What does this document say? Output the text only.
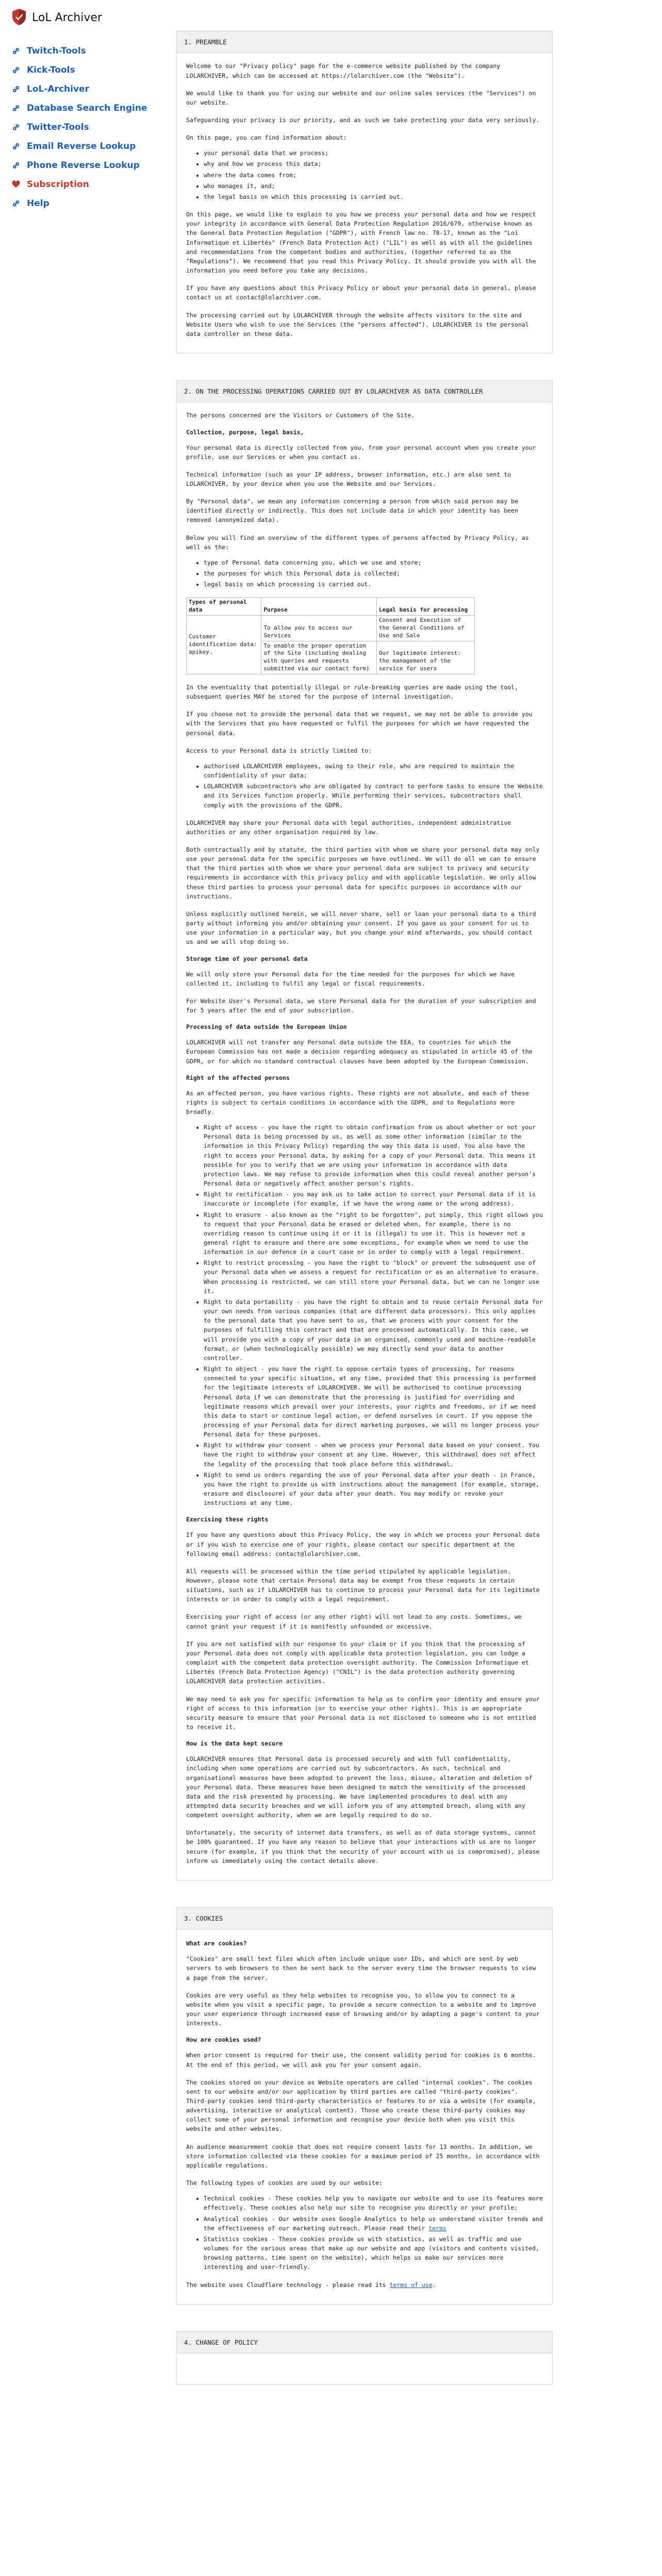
LoL Archiver
Twitch-Tools
Kick-Tools
LoL-Archiver
Database Search Engine
Twitter-Tools
Email Reverse Lookup
Phone Reverse Lookup
Subscription
Help
1. PREAMBLE

Welcome to our "Privacy policy" page for the e-commerce website published by the company LOLARCHIVER, which can be accessed at https://lolarchiver.com (the "Website").

We would like to thank you for using our website and our online sales services (the "Services") on our website.

Safeguarding your privacy is our priority, and as such we take protecting your data very seriously.

On this page, you can find information about:

• your personal data that we process;
• why and how we process this data;
• where the data comes from;
• who manages it, and;
• the legal basis on which this processing is carried out.

On this page, we would like to explain to you how we process your personal data and how we respect your integrity in accordance with General Data Protection Regulation 2016/679, otherwise known as the General Data Protection Regulation ("GDPR"), with French law no. 78-17, known as the "Loi Informatique et Libertés" (French Data Protection Act) ("LIL") as well as with all the guidelines and recommendations from the competent bodies and authorities, (together referred to as the "Regulations"). We recommend that you read this Privacy Policy. It should provide you with all the information you need before you take any decisions.

If you have any questions about this Privacy Policy or about your personal data in general, please contact us at contact@lolarchiver.com.

The processing carried out by LOLARCHIVER through the website affects visitors to the site and Website Users who wish to use the Services (the "persons affected"). LOLARCHIVER is the personal data controller on these data.

2. ON THE PROCESSING OPERATIONS CARRIED OUT BY LOLARCHIVER AS DATA CONTROLLER

The persons concerned are the Visitors or Customers of the Site.

Collection, purpose, legal basis,

Your personal data is directly collected from you, from your personal account when you create your profile, use our Services or when you contact us.

Technical information (such as your IP address, browser information, etc.) are also sent to LOLARCHIVER, by your device when you use the Website and our Services.

By "Personal data", we mean any information concerning a person from which said person may be identified directly or indirectly. This does not include data in which your identity has been removed (anonymized data).

Below you will find an overview of the different types of persons affected by Privacy Policy, as well as the:

• type of Personal data concerning you, which we use and store;
• the purposes for which this Personal data is collected;
• legal basis on which processing is carried out.
Types of personal data	Purpose	Legal basis for processing
Customer identification data: apikey.	To allow you to access our Services	Consent and Execution of the General Conditions of Use and Sale
	To enable the proper operation of the Site (including dealing with queries and requests submitted via our contact form)	Our legitimate interest: the management of the service for users

In the eventuality that potentially illegal or rule-breaking queries are made using the tool, subsequent queries MAY be stored for the purpose of internal investigation.

If you choose not to provide the personal data that we request, we may not be able to provide you with the Services that you have requested or fulfil the purposes for which we have requested the personal data.

Access to your Personal data is strictly limited to:

• authorised LOLARCHIVER employees, owing to their role, who are required to maintain the confidentiality of your data;
• LOLARCHIVER subcontractors who are obligated by contract to perform tasks to ensure the Website and its Services function properly. While performing their services, subcontractors shall comply with the provisions of the GDPR.

LOLARCHIVER may share your Personal data with legal authorities, independent administrative authorities or any other organisation required by law.

Both contractually and by statute, the third parties with whom we share your personal data may only use your personal data for the specific purposes we have outlined. We will do all we can to ensure that the third parties with whom we share your personal data are subject to privacy and security requirements in accordance with this privacy policy and with applicable legislation. We only allow these third parties to process your personal data for specific purposes in accordance with our instructions.

Unless explicitly outlined herein, we will never share, sell or loan your personal data to a third party without informing you and/or obtaining your consent. If you gave us your consent for us to use your information in a particular way, but you change your mind afterwards, you should contact us and we will stop doing so.

Storage time of your personal data

We will only store your Personal data for the time needed for the purposes for which we have collected it, including to fulfil any legal or fiscal requirements.

For Website User's Personal data, we store Personal data for the duration of your subscription and for 5 years after the end of your subscription.

Processing of data outside the European Union

LOLARCHIVER will not transfer any Personal data outside the EEA, to countries for which the European Commission has not made a decision regarding adequacy as stipulated in article 45 of the GDPR, or for which no standard contractual clauses have been adopted by the European Commission.

Right of the affected persons

As an affected person, you have various rights. These rights are not absolute, and each of these rights is subject to certain conditions in accordance with the GDPR, and to Regulations more broadly.

• Right of access - you have the right to obtain confirmation from us about whether or not your Personal data is being processed by us, as well as some other information (similar to the information in this Privacy Policy) regarding the way this data is used. You also have the right to access your Personal data, by asking for a copy of your Personal data. This means it possible for you to verify that we are using your information in accordance with data protection laws. We may refuse to provide information when this could reveal another person's Personal data or negatively affect another person's rights.
• Right to rectification - you may ask us to take action to correct your Personal data if it is inaccurate or incomplete (for example, if we have the wrong name or the wrong address).
• Right to erasure - also known as the "right to be forgotten", put simply, this right allows you to request that your Personal data be erased or deleted when, for example, there is no overriding reason to continue using it or it is (illegal) to use it. This is however not a general right to erasure and there are some exceptions, for example when we need to use the information in our defence in a court case or in order to comply with a legal requirement.
• Right to restrict processing - you have the right to "block" or prevent the subsequent use of your Personal data when we assess a request for rectification or as an alternative to erasure. When processing is restricted, we can still store your Personal data, but we can no longer use it.
• Right to data portability - you have the right to obtain and to reuse certain Personal data for your own needs from various companies (that are different data processors). This only applies to the personal data that you have sent to us, that we process with your consent for the purposes of fulfilling this contract and that are processed automatically. In this case, we will provide you with a copy of your data in an organised, commonly used and machine-readable format, or (when technologically possible) we may directly send your data to another controller.
• Right to object - you have the right to oppose certain types of processing, for reasons connected to your specific situation, at any time, provided that this processing is performed for the legitimate interests of LOLARCHIVER. We will be authorised to continue processing Personal data if we can demonstrate that the processing is justified for overriding and legitimate reasons which prevail over your interests, your rights and freedoms, or if we need this data to start or continue legal action, or defend ourselves in court. If you oppose the processing of your Personal data for direct marketing purposes, we will no longer process your Personal data for these purposes.
• Right to withdraw your consent - when we process your Personal data based on your consent. You have the right to withdraw your consent at any time. However, this withdrawal does not affect the legality of the processing that took place before this withdrawal.
• Right to send us orders regarding the use of your Personal data after your death - in France, you have the right to provide us with instructions about the management (for example, storage, erasure and disclosure) of your data after your death. You may modify or revoke your instructions at any time.
Exercising these rights

If you have any questions about this Privacy Policy, the way in which we process your Personal data or if you wish to exercise one of your rights, please contact our specific department at the following email address: contact@lolarchiver.com.

All requests will be processed within the time period stipulated by applicable legislation. However, please note that certain Personal data may be exempt from these requests in certain situations, such as if LOLARCHIVER has to continue to process your Personal data for its legitimate interests or in order to comply with a legal requirement.

Exercising your right of access (or any other right) will not lead to any costs. Sometimes, we cannot grant your request if it is manifestly unfounded or excessive.

If you are not satisfied with our response to your claim or if you think that the processing of your Personal data does not comply with applicable data protection legislation, you can lodge a complaint with the competent data protection oversight authority. The Commission Informatique et Libertés (French Data Protection Agency) ("CNIL") is the data protection authority governing LOLARCHIVER data protection activities.

We may need to ask you for specific information to help us to confirm your identity and ensure your right of access to this information (or to exercise your other rights). This is an appropriate security measure to ensure that your Personal data is not disclosed to someone who is not entitled to receive it.

How is the data kept secure

LOLARCHIVER ensures that Personal data is processed securely and with full confidentiality, including when some operations are carried out by subcontractors. As such, technical and organisational measures have been adopted to prevent the loss, misuse, alteration and deletion of your Personal data. These measures have been designed to match the sensitivity of the processed data and the risk presented by processing. We have implemented procedures to deal with any attempted data security breaches and we will inform you of any attempted breach, along with any competent oversight authority, when we are legally required to do so.

Unfortunately, the security of internet data transfers, as well as of data storage systems, cannot be 100% guaranteed. If you have any reason to believe that your interactions with us are no longer secure (for example, if you think that the security of your account with us is compromised), please inform us immediately using the contact details above.

3. COOKIES
What are cookies?

"Cookies" are small text files which often include unique user IDs, and which are sent by web servers to web browsers to then be sent back to the server every time the browser requests to view a page from the server.

Cookies are very useful as they help websites to recognise you, to allow you to connect to a website when you visit a specific page, to provide a secure connection to a website and to improve your user experience through increased ease of browsing and/or by adapting a page's content to your interests.

How are cookies used?

When prior consent is required for their use, the consent validity period for cookies is 6 months. At the end of this period, we will ask you for your consent again.

The cookies stored on your device as Website operators are called "internal cookies". The cookies sent to our website and/or our application by third parties are called "third-party cookies". Third-party cookies send third-party characteristics or features to or via a website (for example, advertising, interactive or analytical content). Those who create these third-party cookies may collect some of your personal information and recognise your device both when you visit this website and other websites.

An audience measurement cookie that does not require consent lasts for 13 months. In addition, we store information collected via these cookies for a maximum period of 25 months, in accordance with applicable regulations.

The following types of cookies are used by our website:

• Technical cookies - These cookies help you to navigate our website and to use its features more effectively. These cookies also help our site to recognise you directly or your profile;
• Analytical cookies - Our website uses Google Analytics to help us understand visitor trends and the effectiveness of our marketing outreach. Please read their terms
• Statistics cookies - These cookies provide us with statistics, as well as traffic and use volumes for the various areas that make up our website and app (visitors and contents visited, browsing patterns, time spent on the website), which helps us make our services more interesting and user-friendly.

The website uses Cloudflare technology - please read its terms of use.

4. CHANGE OF POLICY
